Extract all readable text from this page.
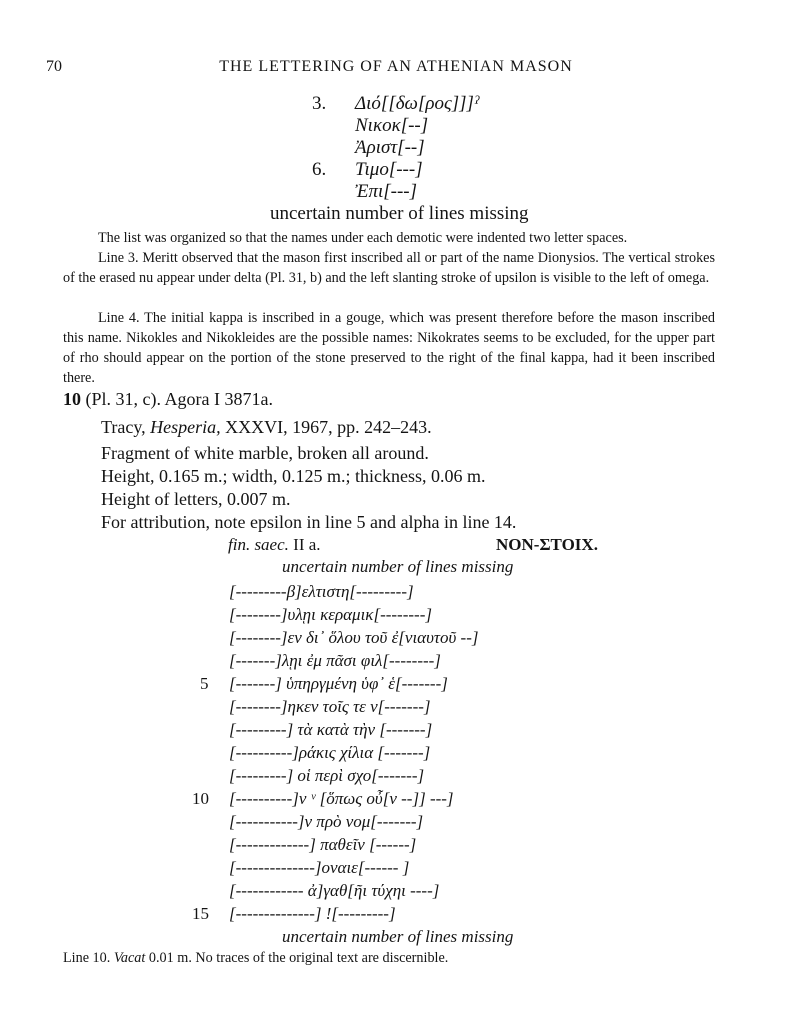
70	THE LETTERING OF AN ATHENIAN MASON
3. Διό[[δω[ρος]]]ˀ
Νικοκ[--]
Ἀριστ[--]
6. Τιμο[---]
Ἐπι[---]
uncertain number of lines missing
The list was organized so that the names under each demotic were indented two letter spaces.
Line 3. Meritt observed that the mason first inscribed all or part of the name Dionysios. The vertical strokes of the erased nu appear under delta (Pl. 31, b) and the left slanting stroke of upsilon is visible to the left of omega.
Line 4. The initial kappa is inscribed in a gouge, which was present therefore before the mason inscribed this name. Nikokles and Nikokleides are the possible names: Nikokrates seems to be excluded, for the upper part of rho should appear on the portion of the stone preserved to the right of the final kappa, had it been inscribed there.
10 (Pl. 31, c). Agora I 3871a.
Tracy, Hesperia, XXXVI, 1967, pp. 242–243.
Fragment of white marble, broken all around.
Height, 0.165 m.; width, 0.125 m.; thickness, 0.06 m.
Height of letters, 0.007 m.
For attribution, note epsilon in line 5 and alpha in line 14.
fin. saec. II a.	NON-ΣΤΟΙΧ.
uncertain number of lines missing
[---------β]ελτιστη[---------]
[--------]υλῃι κεραμικ[--------]
[--------]εν δι᾽ ὅλου τοῦ ἐ[νιαυτοῦ --]
[-------]λῃι ἐμ πᾶσι φιλ[--------]
5 [-------] ὑπηργμένη ὑφ᾽ ἑ[-------]
[--------]ηκεν τοῖς τε ν[-------]
[---------] τὰ κατὰ τὴν [-------]
[----------]ράκις χίλια [-------]
[---------] οἱ περὶ σχο[-------]
10 [----------]ν ᵛ [ὅπως οὖ[ν --]] ---]
[-----------]ν πρὸ νομ[-------]
[-------------] παθεῖν [------]
[--------------]οναιε[------ ]
[------------ ἀ]γαθ[ῆι τύχηι ----]
15 [--------------] ![---------]
uncertain number of lines missing
Line 10. Vacat 0.01 m. No traces of the original text are discernible.
